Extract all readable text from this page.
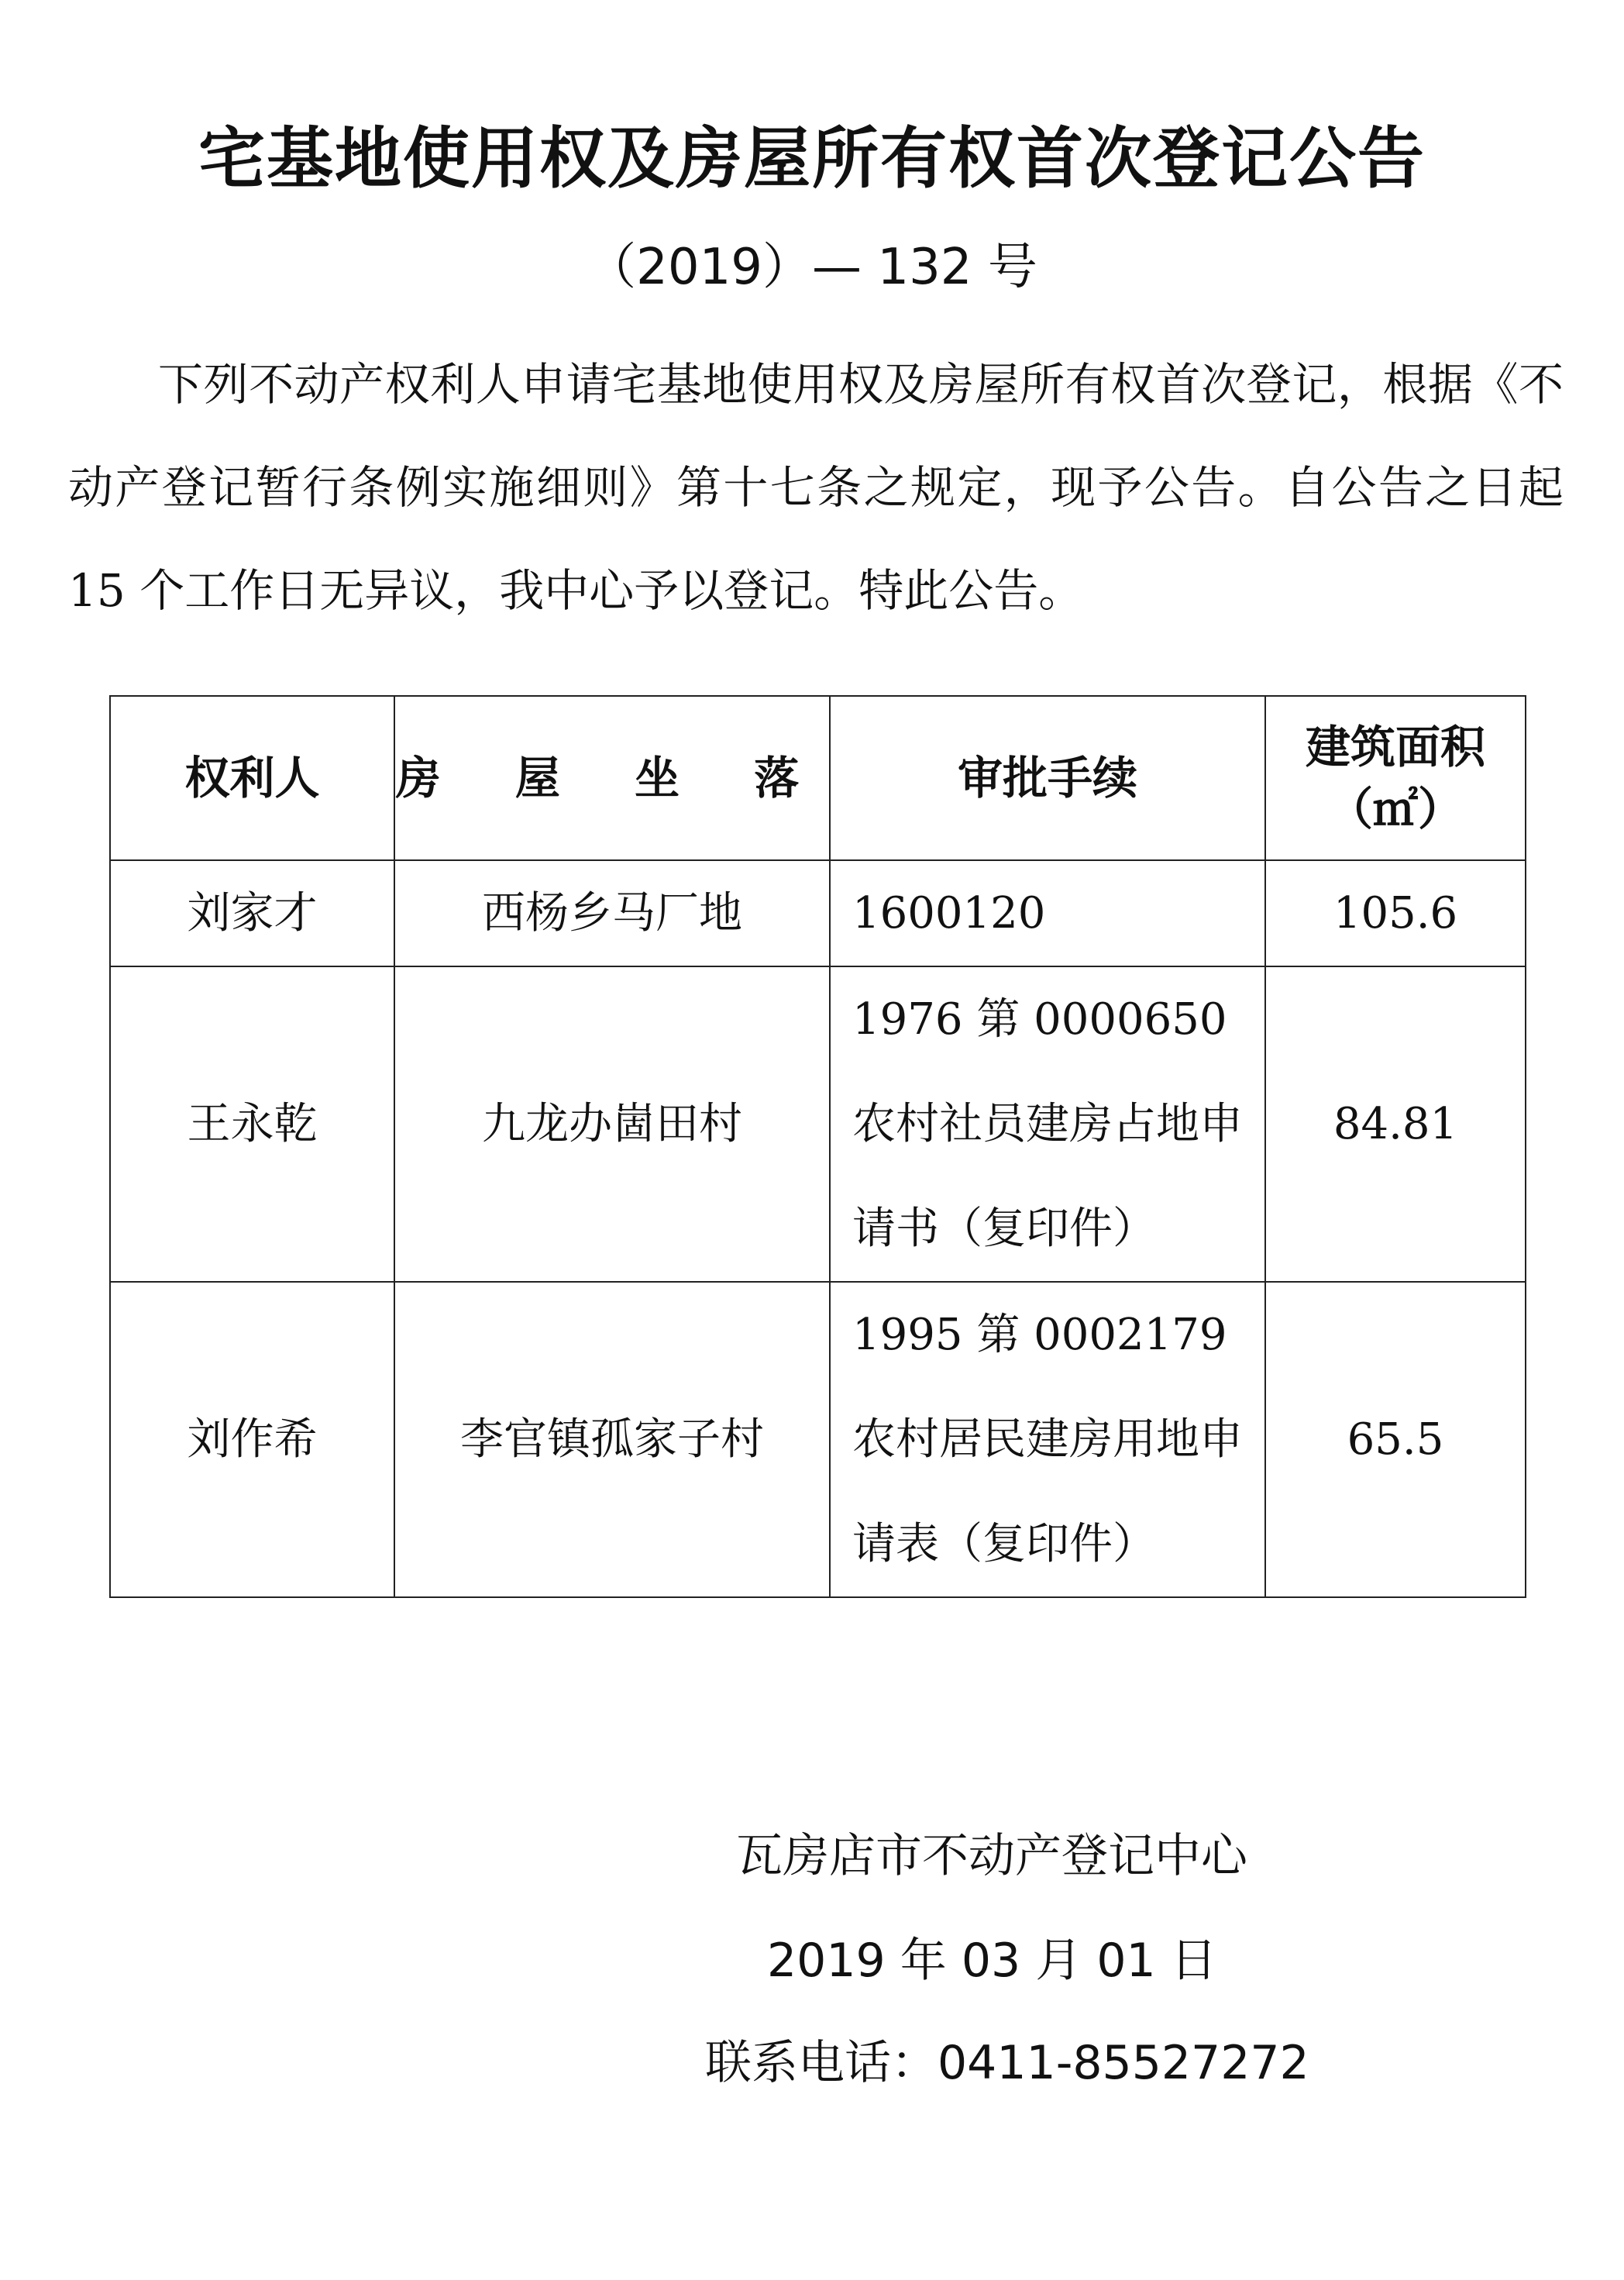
宅基地使用权及房屋所有权首次登记公告
（2019）— 132 号

下列不动产权利人申请宅基地使用权及房屋所有权首次登记，根据《不动产登记暂行条例实施细则》第十七条之规定，现予公告。自公告之日起 15 个工作日无异议，我中心予以登记。特此公告。

权利人	房 屋 坐 落	审批手续	建筑面积
（㎡）

刘家才	西杨乡马厂地	1600120	105.6
王永乾	九龙办崮田村	1976 第 0000650 农村社员建房占地申请书（复印件）	84.81
刘作希	李官镇孤家子村	1995 第 0002179 农村居民建房用地申请表（复印件）	65.5
瓦房店市不动产登记中心
2019 年 03 月 01 日
联系电话：0411-85527272
